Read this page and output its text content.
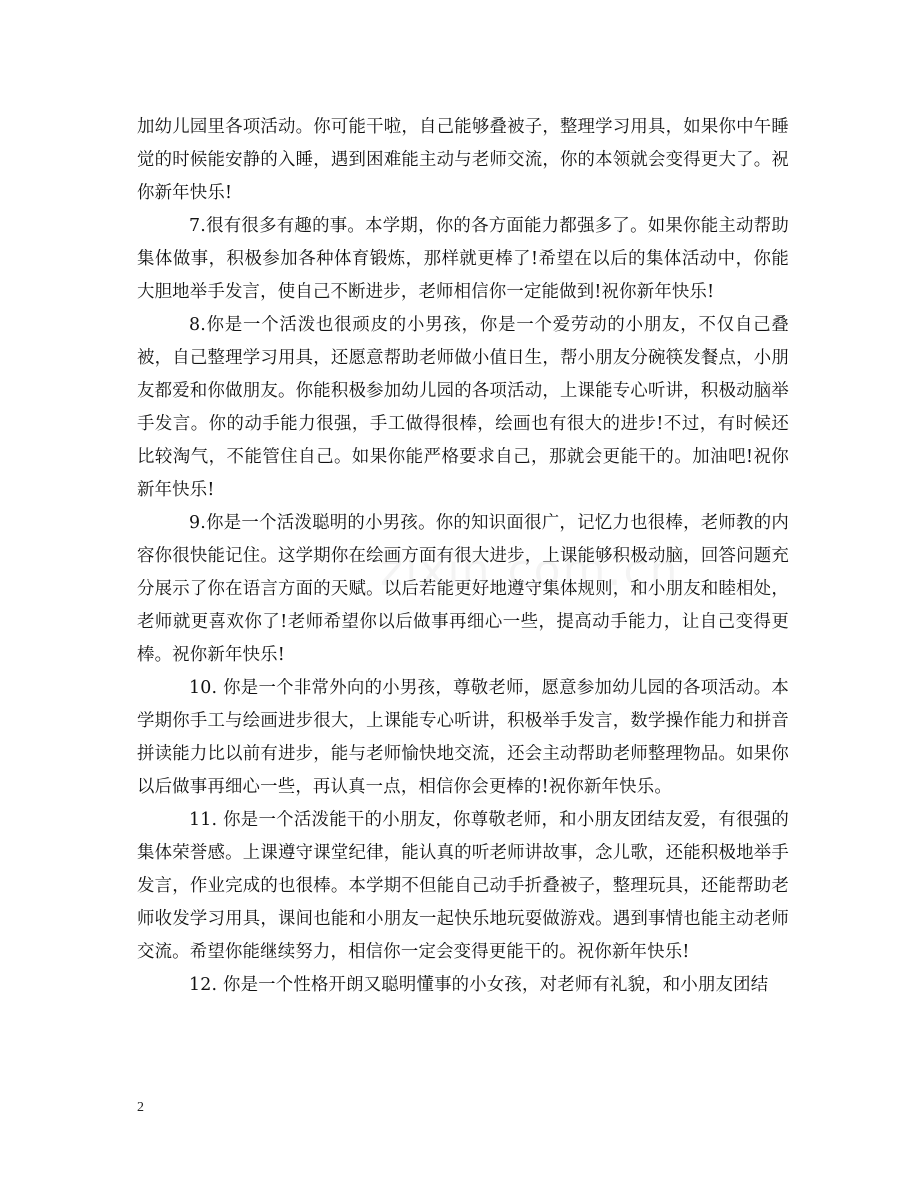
加幼儿园里各项活动。你可能干啦，自己能够叠被子，整理学习用具，如果你中午睡觉的时候能安静的入睡，遇到困难能主动与老师交流，你的本领就会变得更大了。祝你新年快乐!

7.很有很多有趣的事。本学期，你的各方面能力都强多了。如果你能主动帮助集体做事，积极参加各种体育锻炼，那样就更棒了!希望在以后的集体活动中，你能大胆地举手发言，使自己不断进步，老师相信你一定能做到!祝你新年快乐!

8.你是一个活泼也很顽皮的小男孩，你是一个爱劳动的小朋友，不仅自己叠被，自己整理学习用具，还愿意帮助老师做小值日生，帮小朋友分碗筷发餐点，小朋友都爱和你做朋友。你能积极参加幼儿园的各项活动，上课能专心听讲，积极动脑举手发言。你的动手能力很强，手工做得很棒，绘画也有很大的进步!不过，有时候还比较淘气，不能管住自己。如果你能严格要求自己，那就会更能干的。加油吧!祝你新年快乐!

9.你是一个活泼聪明的小男孩。你的知识面很广，记忆力也很棒，老师教的内容你很快能记住。这学期你在绘画方面有很大进步，上课能够积极动脑，回答问题充分展示了你在语言方面的天赋。以后若能更好地遵守集体规则，和小朋友和睦相处，老师就更喜欢你了!老师希望你以后做事再细心一些，提高动手能力，让自己变得更棒。祝你新年快乐!

10. 你是一个非常外向的小男孩，尊敬老师，愿意参加幼儿园的各项活动。本学期你手工与绘画进步很大，上课能专心听讲，积极举手发言，数学操作能力和拼音拼读能力比以前有进步，能与老师愉快地交流，还会主动帮助老师整理物品。如果你以后做事再细心一些，再认真一点，相信你会更棒的!祝你新年快乐。

11. 你是一个活泼能干的小朋友，你尊敬老师，和小朋友团结友爱，有很强的集体荣誉感。上课遵守课堂纪律，能认真的听老师讲故事，念儿歌，还能积极地举手发言，作业完成的也很棒。本学期不但能自己动手折叠被子，整理玩具，还能帮助老师收发学习用具，课间也能和小朋友一起快乐地玩耍做游戏。遇到事情也能主动老师交流。希望你能继续努力，相信你一定会变得更能干的。祝你新年快乐!

12. 你是一个性格开朗又聪明懂事的小女孩，对老师有礼貌，和小朋友团结

2
